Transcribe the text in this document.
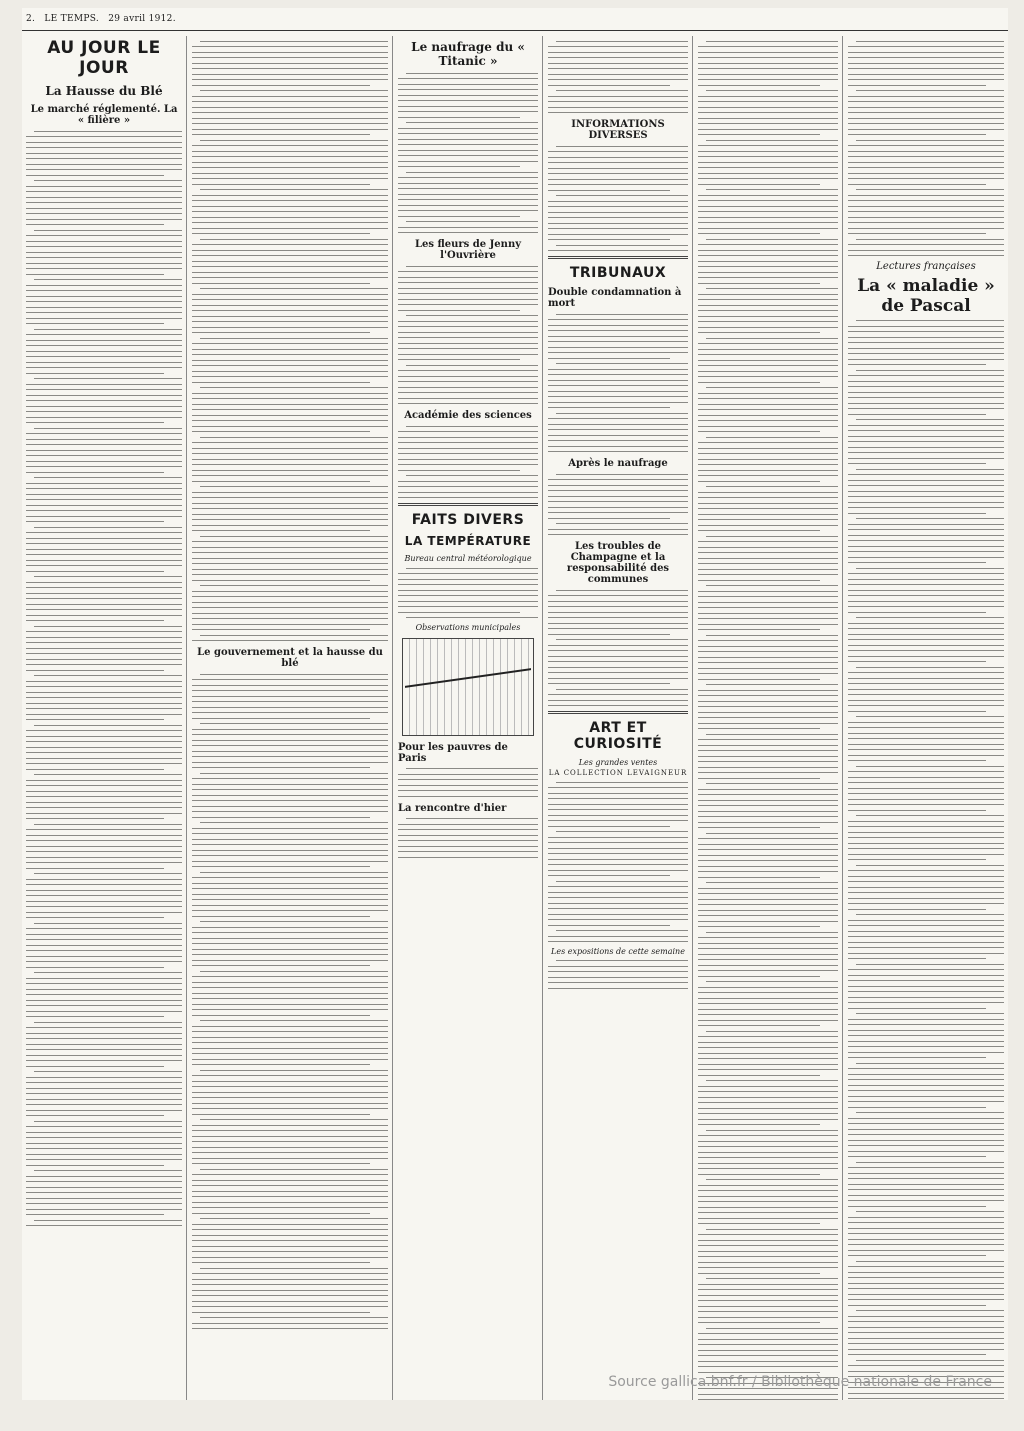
2. LE TEMPS. 29 avril 1912.
AU JOUR LE JOUR
La Hausse du Blé
Le marché réglementé. La « filière »
Le gouvernement et la hausse du blé
Le naufrage du « Titanic »
Les fleurs de Jenny l'Ouvrière
Académie des sciences
FAITS DIVERS
LA TEMPÉRATURE
Bureau central météorologique
Observations municipales
Pour les pauvres de Paris
La rencontre d'hier
INFORMATIONS DIVERSES
TRIBUNAUX
Double condamnation à mort
Après le naufrage
Les troubles de Champagne et la responsabilité des communes
ART ET CURIOSITÉ
Les grandes ventes
LA COLLECTION LEVAIGNEUR
Les expositions de cette semaine
Lectures françaises
La « maladie » de Pascal
Source gallica.bnf.fr / Bibliothèque nationale de France
